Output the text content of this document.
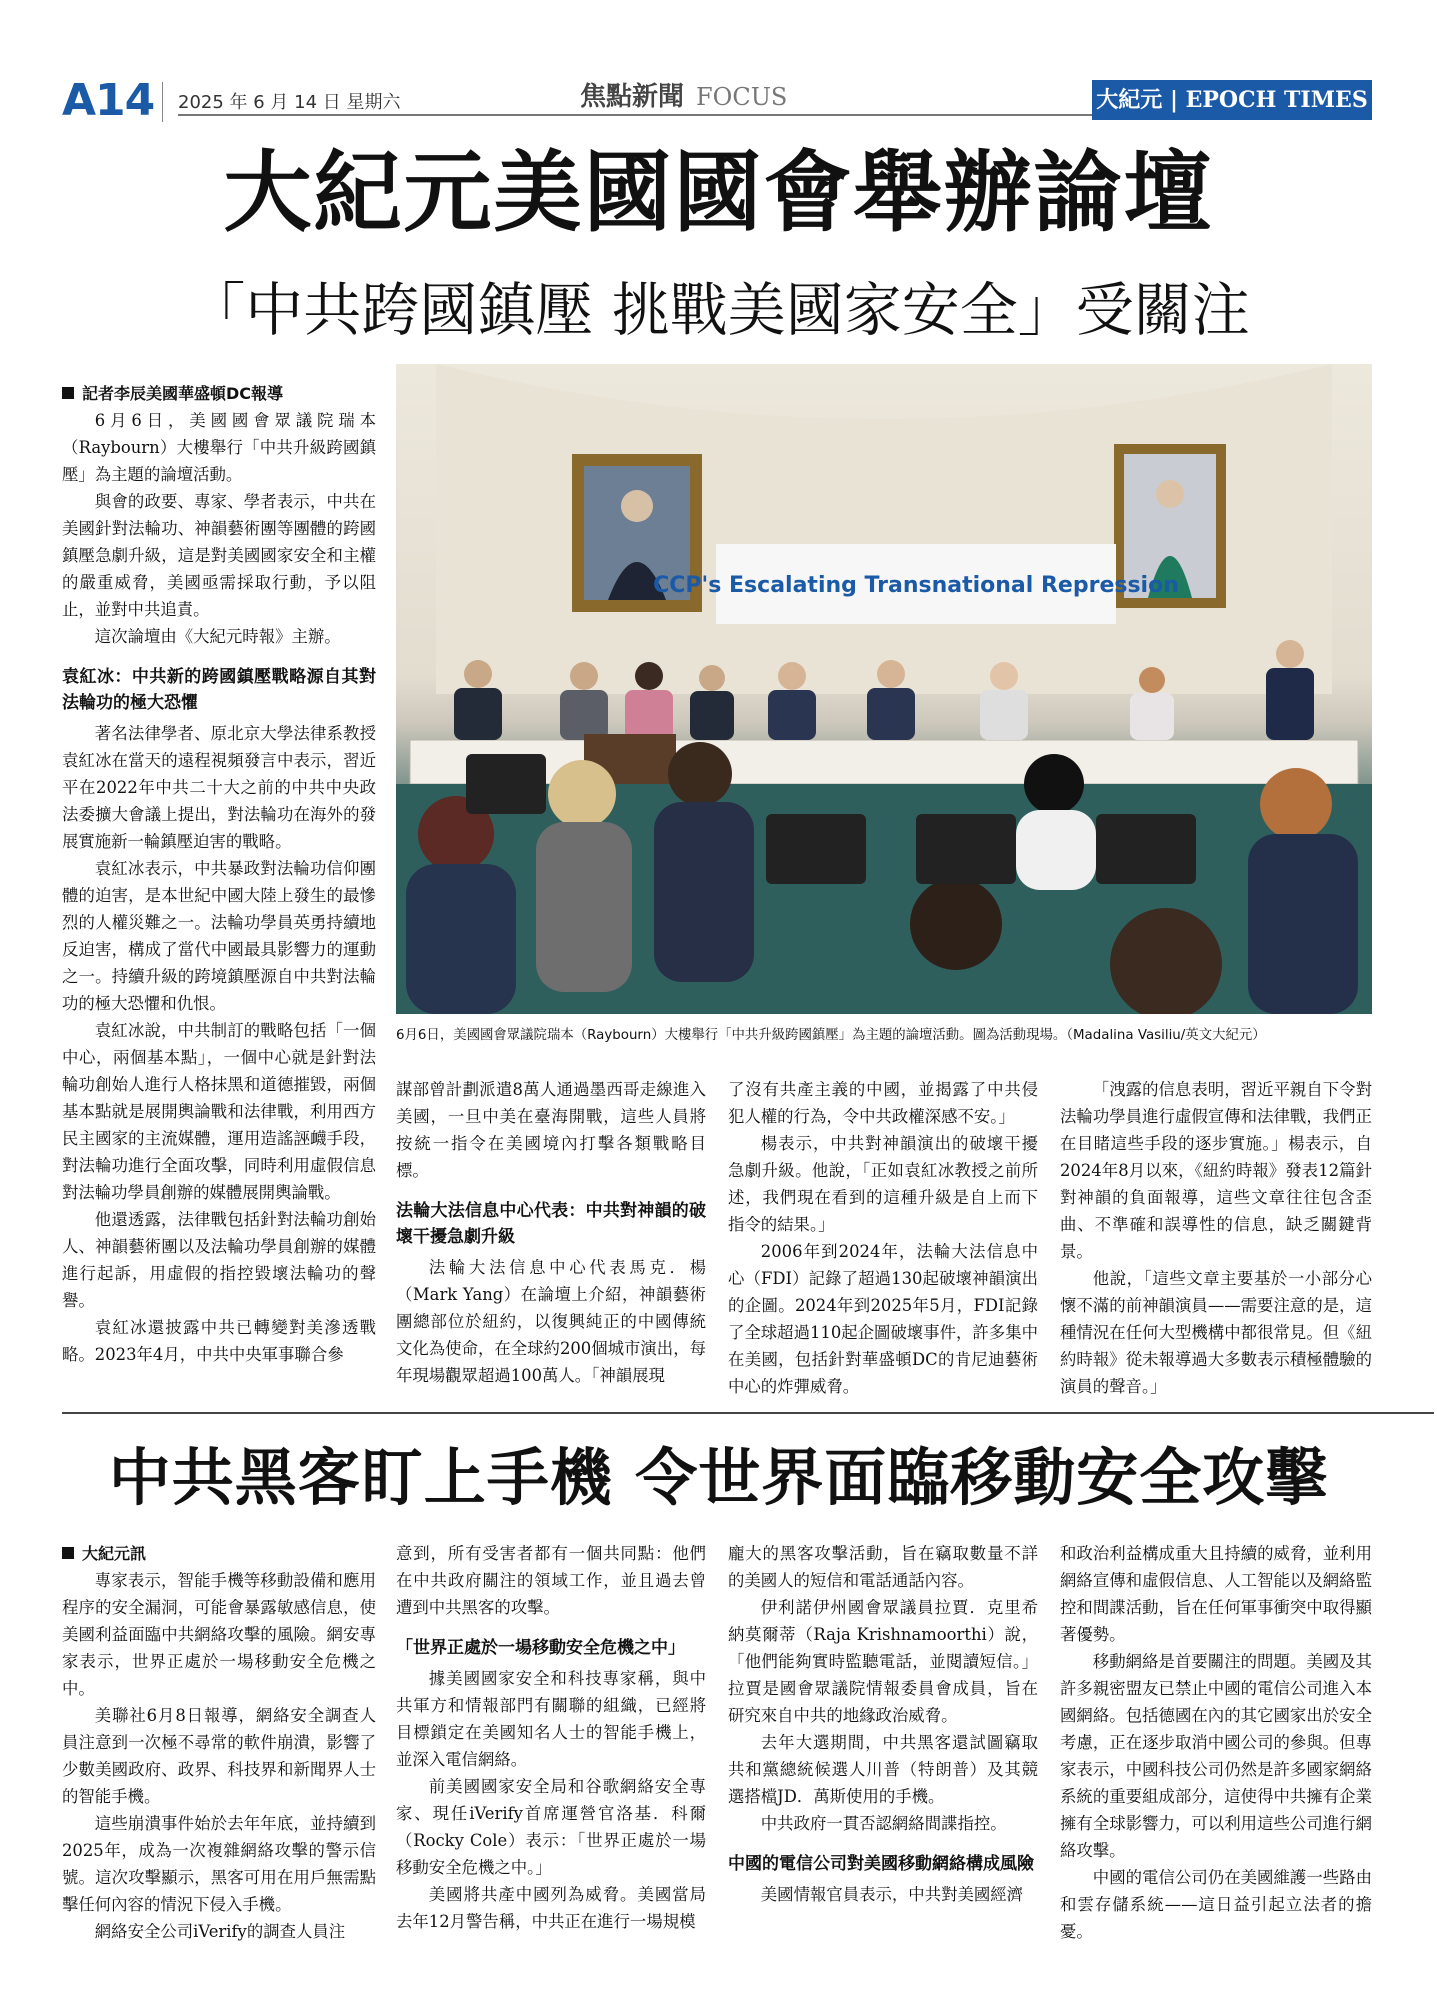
A14 2025 年 6 月 14 日 星期六	焦點新聞 FOCUS	大紀元 | EPOCH TIMES
大紀元美國國會舉辦論壇
「中共跨國鎮壓 挑戰美國家安全」受關注

記者李辰美國華盛頓DC報導

6月6日，美國國會眾議院瑞本（Raybourn）大樓舉行「中共升級跨國鎮壓」為主題的論壇活動。

與會的政要、專家、學者表示，中共在美國針對法輪功、神韻藝術團等團體的跨國鎮壓急劇升級，這是對美國國家安全和主權的嚴重威脅，美國亟需採取行動，予以阻止，並對中共追責。

這次論壇由《大紀元時報》主辦。

袁紅冰：中共新的跨國鎮壓戰略源自其對法輪功的極大恐懼

著名法律學者、原北京大學法律系教授袁紅冰在當天的遠程視頻發言中表示，習近平在2022年中共二十大之前的中共中央政法委擴大會議上提出，對法輪功在海外的發展實施新一輪鎮壓迫害的戰略。

袁紅冰表示，中共暴政對法輪功信仰團體的迫害，是本世紀中國大陸上發生的最慘烈的人權災難之一。法輪功學員英勇持續地反迫害，構成了當代中國最具影響力的運動之一。持續升級的跨境鎮壓源自中共對法輪功的極大恐懼和仇恨。

袁紅冰說，中共制訂的戰略包括「一個中心，兩個基本點」，一個中心就是針對法輪功創始人進行人格抹黑和道德摧毀，兩個基本點就是展開輿論戰和法律戰，利用西方民主國家的主流媒體，運用造謠誣衊手段，對法輪功進行全面攻擊，同時利用虛假信息對法輪功學員創辦的媒體展開輿論戰。

他還透露，法律戰包括針對法輪功創始人、神韻藝術團以及法輪功學員創辦的媒體進行起訴，用虛假的指控毀壞法輪功的聲譽。

袁紅冰還披露中共已轉變對美滲透戰略。2023年4月，中共中央軍事聯合參

CCP's Escalating Transnational Repression
6月6日，美國國會眾議院瑞本（Raybourn）大樓舉行「中共升級跨國鎮壓」為主題的論壇活動。圖為活動現場。（Madalina Vasiliu/英文大紀元）

謀部曾計劃派遣8萬人通過墨西哥走線進入美國，一旦中美在臺海開戰，這些人員將按統一指令在美國境內打擊各類戰略目標。

法輪大法信息中心代表：中共對神韻的破壞干擾急劇升級

法輪大法信息中心代表馬克．楊（Mark Yang）在論壇上介紹，神韻藝術團總部位於紐約，以復興純正的中國傳統文化為使命，在全球約200個城市演出，每年現場觀眾超過100萬人。「神韻展現

了沒有共產主義的中國，並揭露了中共侵犯人權的行為，令中共政權深感不安。」

楊表示，中共對神韻演出的破壞干擾急劇升級。他說，「正如袁紅冰教授之前所述，我們現在看到的這種升級是自上而下指令的結果。」

2006年到2024年，法輪大法信息中心（FDI）記錄了超過130起破壞神韻演出的企圖。2024年到2025年5月，FDI記錄了全球超過110起企圖破壞事件，許多集中在美國，包括針對華盛頓DC的肯尼迪藝術中心的炸彈威脅。

「洩露的信息表明，習近平親自下令對法輪功學員進行虛假宣傳和法律戰，我們正在目睹這些手段的逐步實施。」楊表示，自2024年8月以來，《紐約時報》發表12篇針對神韻的負面報導，這些文章往往包含歪曲、不準確和誤導性的信息，缺乏關鍵背景。

他說，「這些文章主要基於一小部分心懷不滿的前神韻演員——需要注意的是，這種情況在任何大型機構中都很常見。但《紐約時報》從未報導過大多數表示積極體驗的演員的聲音。」

中共黑客盯上手機 令世界面臨移動安全攻擊

大紀元訊

專家表示，智能手機等移動設備和應用程序的安全漏洞，可能會暴露敏感信息，使美國利益面臨中共網絡攻擊的風險。網安專家表示，世界正處於一場移動安全危機之中。

美聯社6月8日報導，網絡安全調查人員注意到一次極不尋常的軟件崩潰，影響了少數美國政府、政界、科技界和新聞界人士的智能手機。

這些崩潰事件始於去年年底，並持續到2025年，成為一次複雜網絡攻擊的警示信號。這次攻擊顯示，黑客可用在用戶無需點擊任何內容的情況下侵入手機。

網絡安全公司iVerify的調查人員注

意到，所有受害者都有一個共同點：他們在中共政府關注的領域工作，並且過去曾遭到中共黑客的攻擊。

「世界正處於一場移動安全危機之中」

據美國國家安全和科技專家稱，與中共軍方和情報部門有關聯的組織，已經將目標鎖定在美國知名人士的智能手機上，並深入電信網絡。

前美國國家安全局和谷歌網絡安全專家、現任iVerify首席運營官洛基．科爾（Rocky Cole）表示：「世界正處於一場移動安全危機之中。」

美國將共產中國列為威脅。美國當局去年12月警告稱，中共正在進行一場規模

龐大的黑客攻擊活動，旨在竊取數量不詳的美國人的短信和電話通話內容。

伊利諾伊州國會眾議員拉賈．克里希納莫爾蒂（Raja Krishnamoorthi）說，「他們能夠實時監聽電話，並閱讀短信。」拉賈是國會眾議院情報委員會成員，旨在研究來自中共的地緣政治威脅。

去年大選期間，中共黑客還試圖竊取共和黨總統候選人川普（特朗普）及其競選搭檔JD．萬斯使用的手機。

中共政府一貫否認網絡間諜指控。

中國的電信公司對美國移動網絡構成風險

美國情報官員表示，中共對美國經濟

和政治利益構成重大且持續的威脅，並利用網絡宣傳和虛假信息、人工智能以及網絡監控和間諜活動，旨在任何軍事衝突中取得顯著優勢。

移動網絡是首要關注的問題。美國及其許多親密盟友已禁止中國的電信公司進入本國網絡。包括德國在內的其它國家出於安全考慮，正在逐步取消中國公司的參與。但專家表示，中國科技公司仍然是許多國家網絡系統的重要組成部分，這使得中共擁有企業擁有全球影響力，可以利用這些公司進行網絡攻擊。

中國的電信公司仍在美國維護一些路由和雲存儲系統——這日益引起立法者的擔憂。
